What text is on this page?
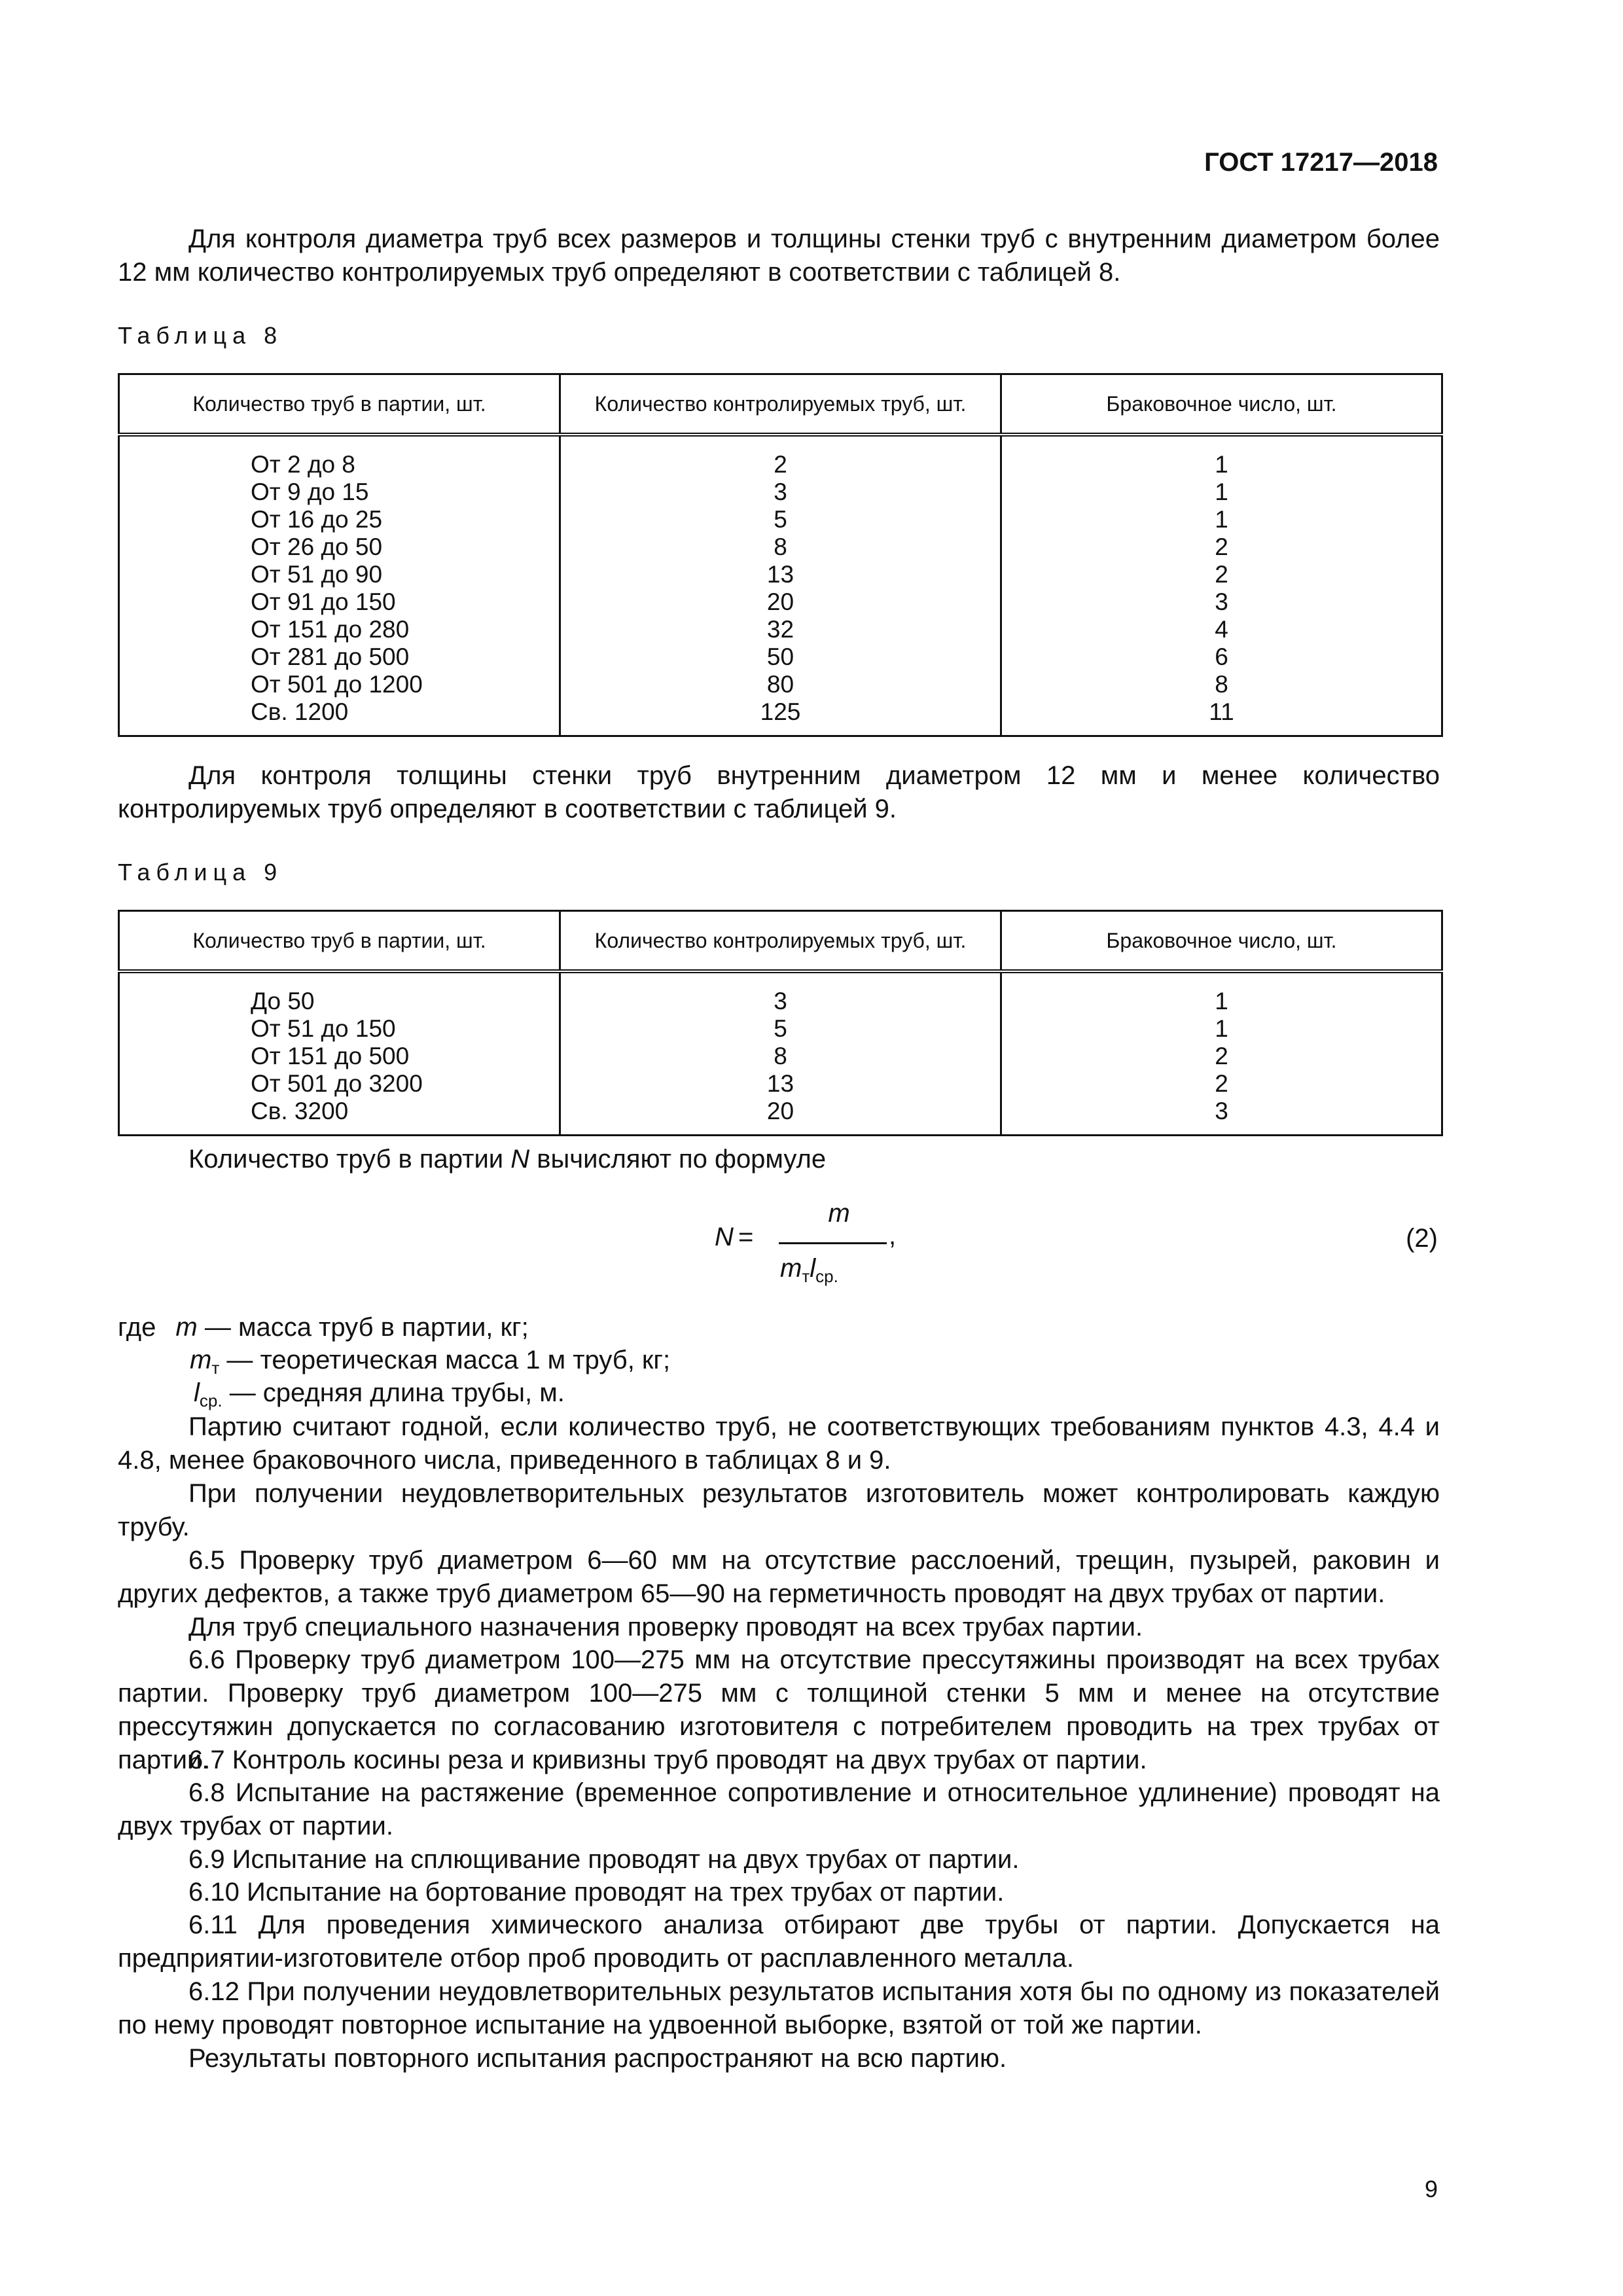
ГОСТ 17217—2018

Для контроля диаметра труб всех размеров и толщины стенки труб с внутренним диаметром более 12 мм количество контролируемых труб определяют в соответствии с таблицей 8.

Таблица 8
Количество труб в партии, шт.	Количество контролируемых труб, шт.	Браковочное число, шт.
От 2 до 8	2	1
От 9 до 15	3	1
От 16 до 25	5	1
От 26 до 50	8	2
От 51 до 90	13	2
От 91 до 150	20	3
От 151 до 280	32	4
От 281 до 500	50	6
От 501 до 1200	80	8
Св. 1200	125	11

Для контроля толщины стенки труб внутренним диаметром 12 мм и менее количество контролируемых труб определяют в соответствии с таблицей 9.

Таблица 9
Количество труб в партии, шт.	Количество контролируемых труб, шт.	Браковочное число, шт.
До 50	3	1
От 51 до 150	5	1
От 151 до 500	8	2
От 501 до 3200	13	2
Св. 3200	20	3

Количество труб в партии N вычисляют по формуле

N =
m
,
$m_тl_{ср.}$
(2)
где m — масса труб в партии, кг;
$m_т$ — теоретическая масса 1 м труб, кг;
$l_{ср.}$ — средняя длина трубы, м.

Партию считают годной, если количество труб, не соответствующих требованиям пунктов 4.3, 4.4 и 4.8, менее браковочного числа, приведенного в таблицах 8 и 9.

При получении неудовлетворительных результатов изготовитель может контролировать каждую трубу.

6.5 Проверку труб диаметром 6—60 мм на отсутствие расслоений, трещин, пузырей, раковин и других дефектов, а также труб диаметром 65—90 на герметичность проводят на двух трубах от партии.

Для труб специального назначения проверку проводят на всех трубах партии.

6.6 Проверку труб диаметром 100—275 мм на отсутствие прессутяжины производят на всех трубах партии. Проверку труб диаметром 100—275 мм с толщиной стенки 5 мм и менее на отсутствие прессутяжин допускается по согласованию изготовителя с потребителем проводить на трех трубах от партии.

6.7 Контроль косины реза и кривизны труб проводят на двух трубах от партии.

6.8 Испытание на растяжение (временное сопротивление и относительное удлинение) проводят на двух трубах от партии.

6.9 Испытание на сплющивание проводят на двух трубах от партии.

6.10 Испытание на бортование проводят на трех трубах от партии.

6.11 Для проведения химического анализа отбирают две трубы от партии. Допускается на предприятии-изготовителе отбор проб проводить от расплавленного металла.

6.12 При получении неудовлетворительных результатов испытания хотя бы по одному из показателей по нему проводят повторное испытание на удвоенной выборке, взятой от той же партии.

Результаты повторного испытания распространяют на всю партию.

9
